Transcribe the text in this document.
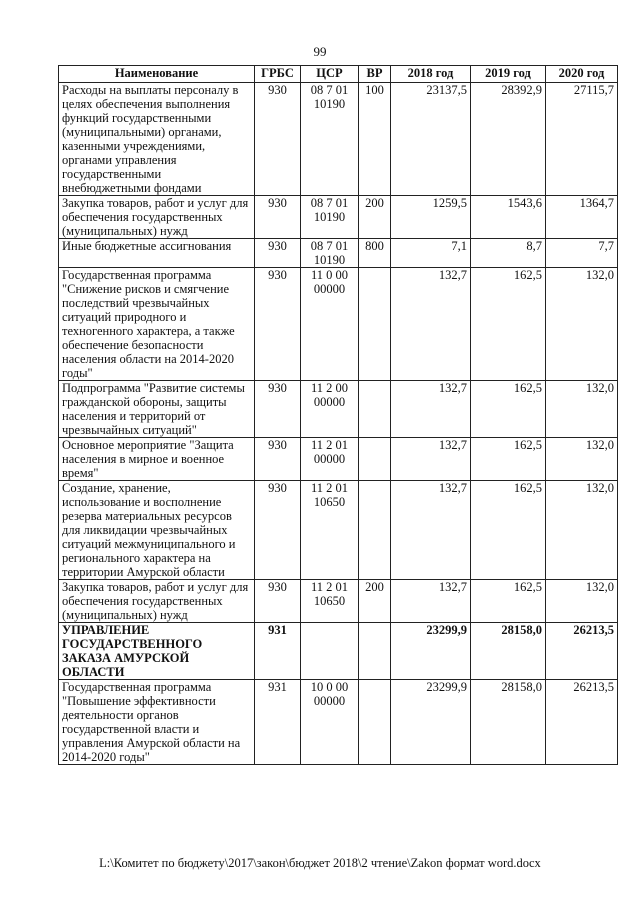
99
Наименование	ГРБС	ЦСР	ВР	2018 год	2019 год	2020 год
Расходы на выплаты персоналу в целях обеспечения выполнения функций государственными (муниципальными) органами, казенными учреждениями, органами управления государственными внебюджетными фондами	930	08 7 01 10190	100	23137,5	28392,9	27115,7
Закупка товаров, работ и услуг для обеспечения государственных (муниципальных) нужд	930	08 7 01 10190	200	1259,5	1543,6	1364,7
Иные бюджетные ассигнования	930	08 7 01 10190	800	7,1	8,7	7,7
Государственная программа "Снижение рисков и смягчение последствий чрезвычайных ситуаций природного и техногенного характера, а также обеспечение безопасности населения области на 2014-2020 годы"	930	11 0 00 00000		132,7	162,5	132,0
Подпрограмма "Развитие системы гражданской обороны, защиты населения и территорий от чрезвычайных ситуаций"	930	11 2 00 00000		132,7	162,5	132,0
Основное мероприятие "Защита населения в мирное и военное время"	930	11 2 01 00000		132,7	162,5	132,0
Создание, хранение, использование и восполнение резерва материальных ресурсов для ликвидации чрезвычайных ситуаций межмуниципального и регионального характера на территории Амурской области	930	11 2 01 10650		132,7	162,5	132,0
Закупка товаров, работ и услуг для обеспечения государственных (муниципальных) нужд	930	11 2 01 10650	200	132,7	162,5	132,0
УПРАВЛЕНИЕ ГОСУДАРСТВЕННОГО ЗАКАЗА АМУРСКОЙ ОБЛАСТИ	931			23299,9	28158,0	26213,5
Государственная программа "Повышение эффективности деятельности органов государственной власти и управления Амурской области на 2014-2020 годы"	931	10 0 00 00000		23299,9	28158,0	26213,5
L:\Комитет по бюджету\2017\закон\бюджет 2018\2 чтение\Zakon формат word.docx
